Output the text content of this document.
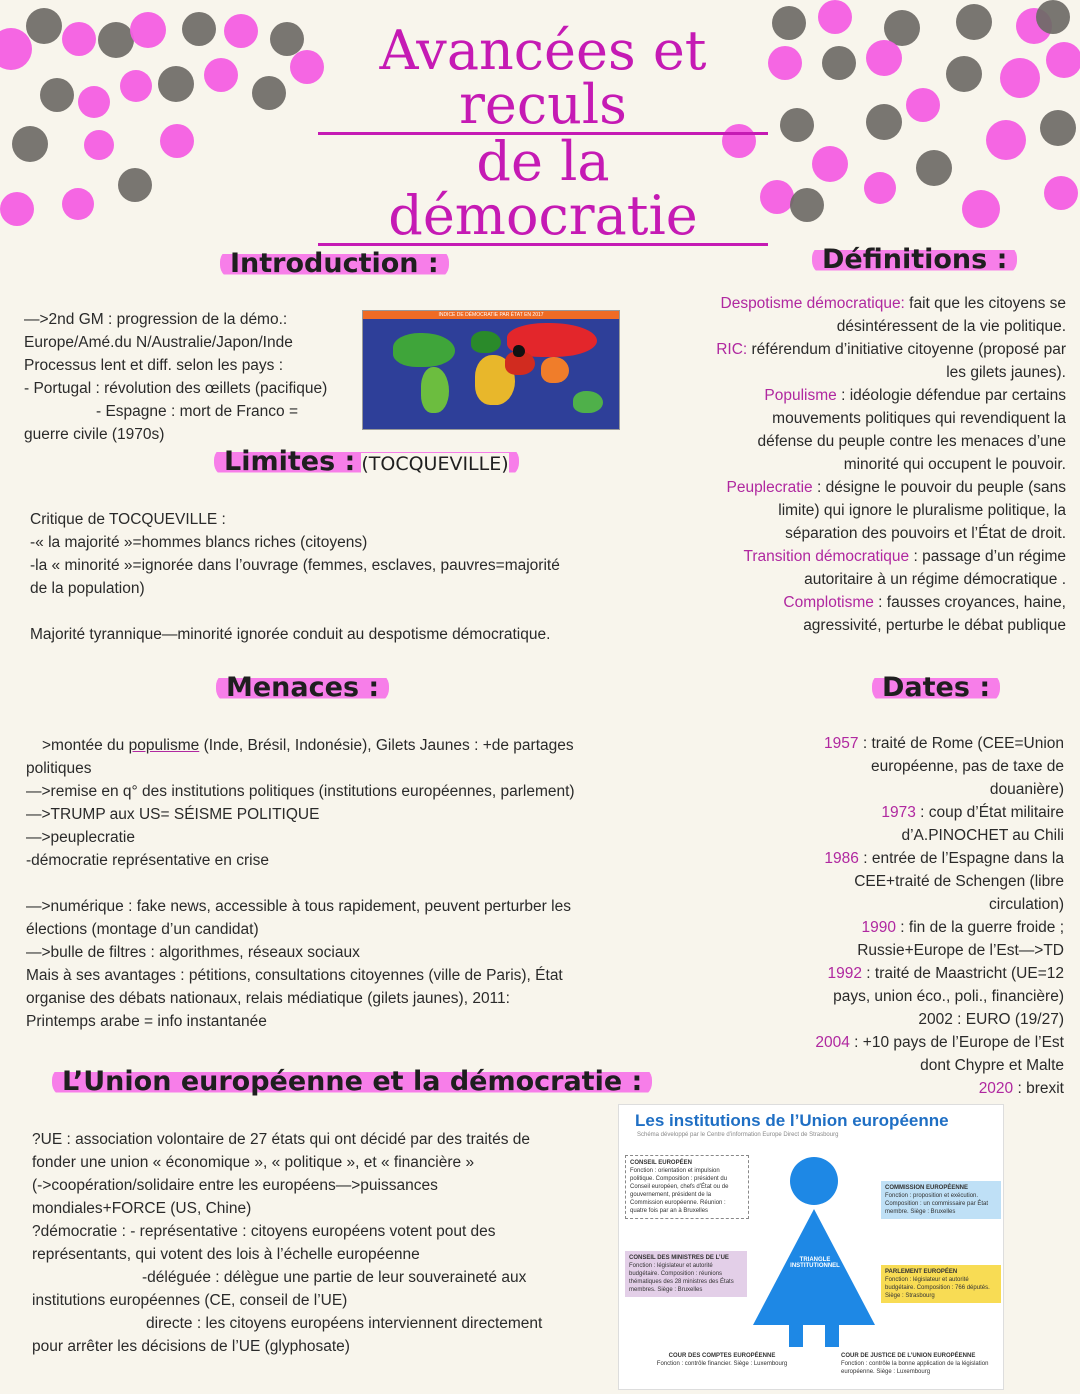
Avancées et reculs
de la démocratie
Introduction :
—>2nd GM : progression de la démo.:
Europe/Amé.du N/Australie/Japon/Inde
Processus lent et diff. selon les pays :
- Portugal : révolution des œillets (pacifique)
- Espagne : mort de Franco =
guerre civile (1970s)
INDICE DE DÉMOCRATIE PAR ÉTAT EN 2017
Limites : (TOCQUEVILLE)
Critique de TOCQUEVILLE :
-« la majorité »=hommes blancs riches (citoyens)
-la « minorité »=ignorée dans l’ouvrage (femmes, esclaves, pauvres=majorité
de la population)
Majorité tyrannique—minorité ignorée conduit au despotisme démocratique.
Menaces :
>montée du populisme (Inde, Brésil, Indonésie), Gilets Jaunes : +de partages
politiques
—>remise en q° des institutions politiques (institutions européennes, parlement)
—>TRUMP aux US= SÉISME POLITIQUE
—>peuplecratie
-démocratie représentative en crise
—>numérique : fake news, accessible à tous rapidement, peuvent perturber les
élections (montage d’un candidat)
—>bulle de filtres : algorithmes, réseaux sociaux
Mais à ses avantages : pétitions, consultations citoyennes (ville de Paris), État
organise des débats nationaux, relais médiatique (gilets jaunes), 2011:
Printemps arabe = info instantanée
L’Union européenne et la démocratie :
?UE : association volontaire de 27 états qui ont décidé par des traités de
fonder une union « économique », « politique », et « financière »
(->coopération/solidaire entre les européens—>puissances
mondiales+FORCE (US, Chine)
?démocratie : - représentative : citoyens européens votent pout des
représentants, qui votent des lois à l’échelle européenne
-déléguée : délègue une partie de leur souveraineté aux
institutions européennes (CE, conseil de l’UE)
directe : les citoyens européens interviennent directement
pour arrêter les décisions de l’UE (glyphosate)
Définitions :
Despotisme démocratique: fait que les citoyens se
désintéressent de la vie politique.
RIC: référendum d’initiative citoyenne (proposé par
les gilets jaunes).
Populisme : idéologie défendue par certains
mouvements politiques qui revendiquent la
défense du peuple contre les menaces d’une
minorité qui occupent le pouvoir.
Peuplecratie : désigne le pouvoir du peuple (sans
limite) qui ignore le pluralisme politique, la
séparation des pouvoirs et l’État de droit.
Transition démocratique : passage d’un régime
autoritaire à un régime démocratique .
Complotisme : fausses croyances, haine,
agressivité, perturbe le débat publique
Dates :
1957 : traité de Rome (CEE=Union
européenne, pas de taxe de
douanière)
1973 : coup d’État militaire
d’A.PINOCHET au Chili
1986 : entrée de l’Espagne dans la
CEE+traité de Schengen (libre
circulation)
1990 : fin de la guerre froide ;
Russie+Europe de l’Est—>TD
1992 : traité de Maastricht (UE=12
pays, union éco., poli., financière)
2002 : EURO (19/27)
2004 : +10 pays de l’Europe de l’Est
dont Chypre et Malte
2020 : brexit
Les institutions de l’Union européenne
Schéma développé par le Centre d’information Europe Direct de Strasbourg
CONSEIL EUROPÉEN
Fonction : orientation et impulsion politique. Composition : président du Conseil européen, chefs d’État ou de gouvernement, président de la Commission européenne. Réunion : quatre fois par an à Bruxelles
CONSEIL DES MINISTRES DE L’UE
Fonction : législateur et autorité budgétaire. Composition : réunions thématiques des 28 ministres des États membres. Siège : Bruxelles
COMMISSION EUROPÉENNE
Fonction : proposition et exécution. Composition : un commissaire par État membre. Siège : Bruxelles
PARLEMENT EUROPÉEN
Fonction : législateur et autorité budgétaire. Composition : 766 députés. Siège : Strasbourg
TRIANGLE INSTITUTIONNEL
COUR DES COMPTES EUROPÉENNE
Fonction : contrôle financier. Siège : Luxembourg
COUR DE JUSTICE DE L’UNION EUROPÉENNE
Fonction : contrôle la bonne application de la législation européenne. Siège : Luxembourg
